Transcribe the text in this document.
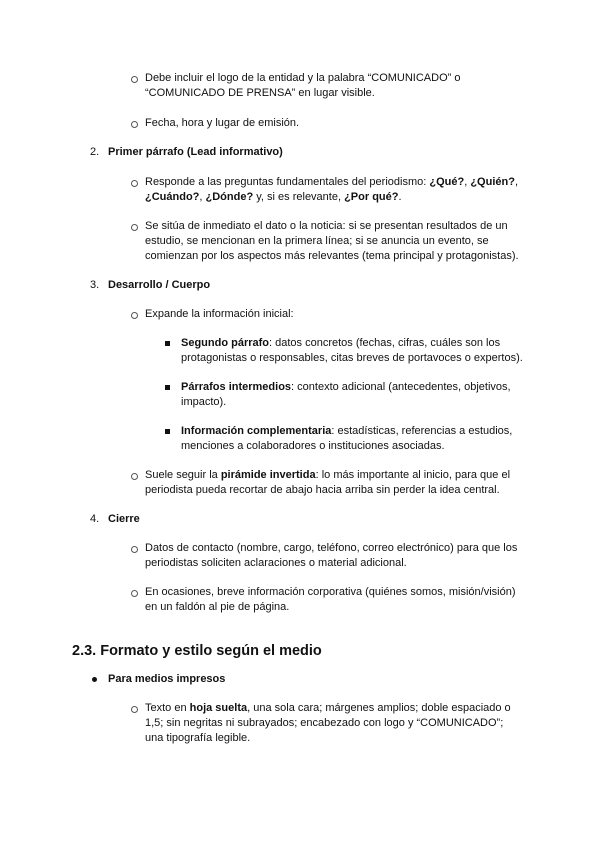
2.3. Formato y estilo según el medio
Debe incluir el logo de la entidad y la palabra “COMUNICADO” o
“COMUNICADO DE PRENSA” en lugar visible.
Fecha, hora y lugar de emisión.
2. Primer párrafo (Lead informativo)
Responde a las preguntas fundamentales del periodismo: ¿Qué?, ¿Quién?,
¿Cuándo?, ¿Dónde? y, si es relevante, ¿Por qué?.
Se sitúa de inmediato el dato o la noticia: si se presentan resultados de un
estudio, se mencionan en la primera línea; si se anuncia un evento, se
comienzan por los aspectos más relevantes (tema principal y protagonistas).
3. Desarrollo / Cuerpo
Expande la información inicial:
Segundo párrafo: datos concretos (fechas, cifras, cuáles son los
protagonistas o responsables, citas breves de portavoces o expertos).
Párrafos intermedios: contexto adicional (antecedentes, objetivos,
impacto).
Información complementaria: estadísticas, referencias a estudios,
menciones a colaboradores o instituciones asociadas.
Suele seguir la pirámide invertida: lo más importante al inicio, para que el
periodista pueda recortar de abajo hacia arriba sin perder la idea central.
4. Cierre
Datos de contacto (nombre, cargo, teléfono, correo electrónico) para que los
periodistas soliciten aclaraciones o material adicional.
En ocasiones, breve información corporativa (quiénes somos, misión/visión)
en un faldón al pie de página.
Para medios impresos
Texto en hoja suelta, una sola cara; márgenes amplios; doble espaciado o
1,5; sin negritas ni subrayados; encabezado con logo y “COMUNICADO”;
una tipografía legible.
